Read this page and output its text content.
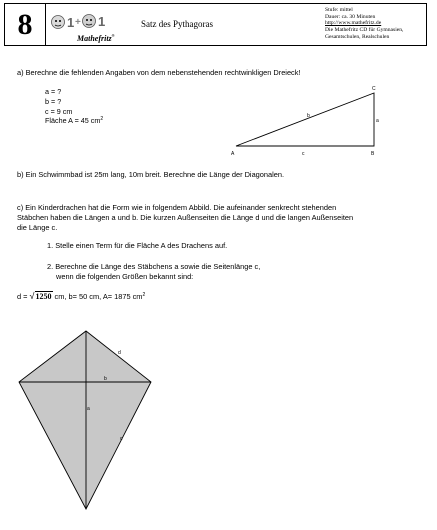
8	1 + 1
Mathefritz®
Satz des Pythagoras
Stufe: mittel
Dauer: ca. 30 Minuten
http://www.mathefritz.de
Die Mathefritz CD für Gymnasien,
Gesamtschulen, Realschulen
a) Berechne die fehlenden Angaben von dem nebenstehenden rechtwinkligen Dreieck!
a = ?
b = ?
c = 9 cm
Fläche A = 45 $cm^2$
A	B
C
a
b
c
b) Ein Schwimmbad ist 25m lang, 10m breit. Berechne die Länge der Diagonalen.
c) Ein Kinderdrachen hat die Form wie in folgendem Abbild. Die aufeinander senkrecht stehenden
Stäbchen haben die Längen a und b. Die kurzen Außenseiten die Länge d und die langen Außenseiten
die Länge c.
1. Stelle einen Term für die Fläche A des Drachens auf.
2. Berechne die Länge des Stäbchens a sowie die Seitenlänge c,
wenn die folgenden Größen bekannt sind:
d = √1250 cm, b= 50 cm, A= 1875 $cm^2$
d
b
a
c
